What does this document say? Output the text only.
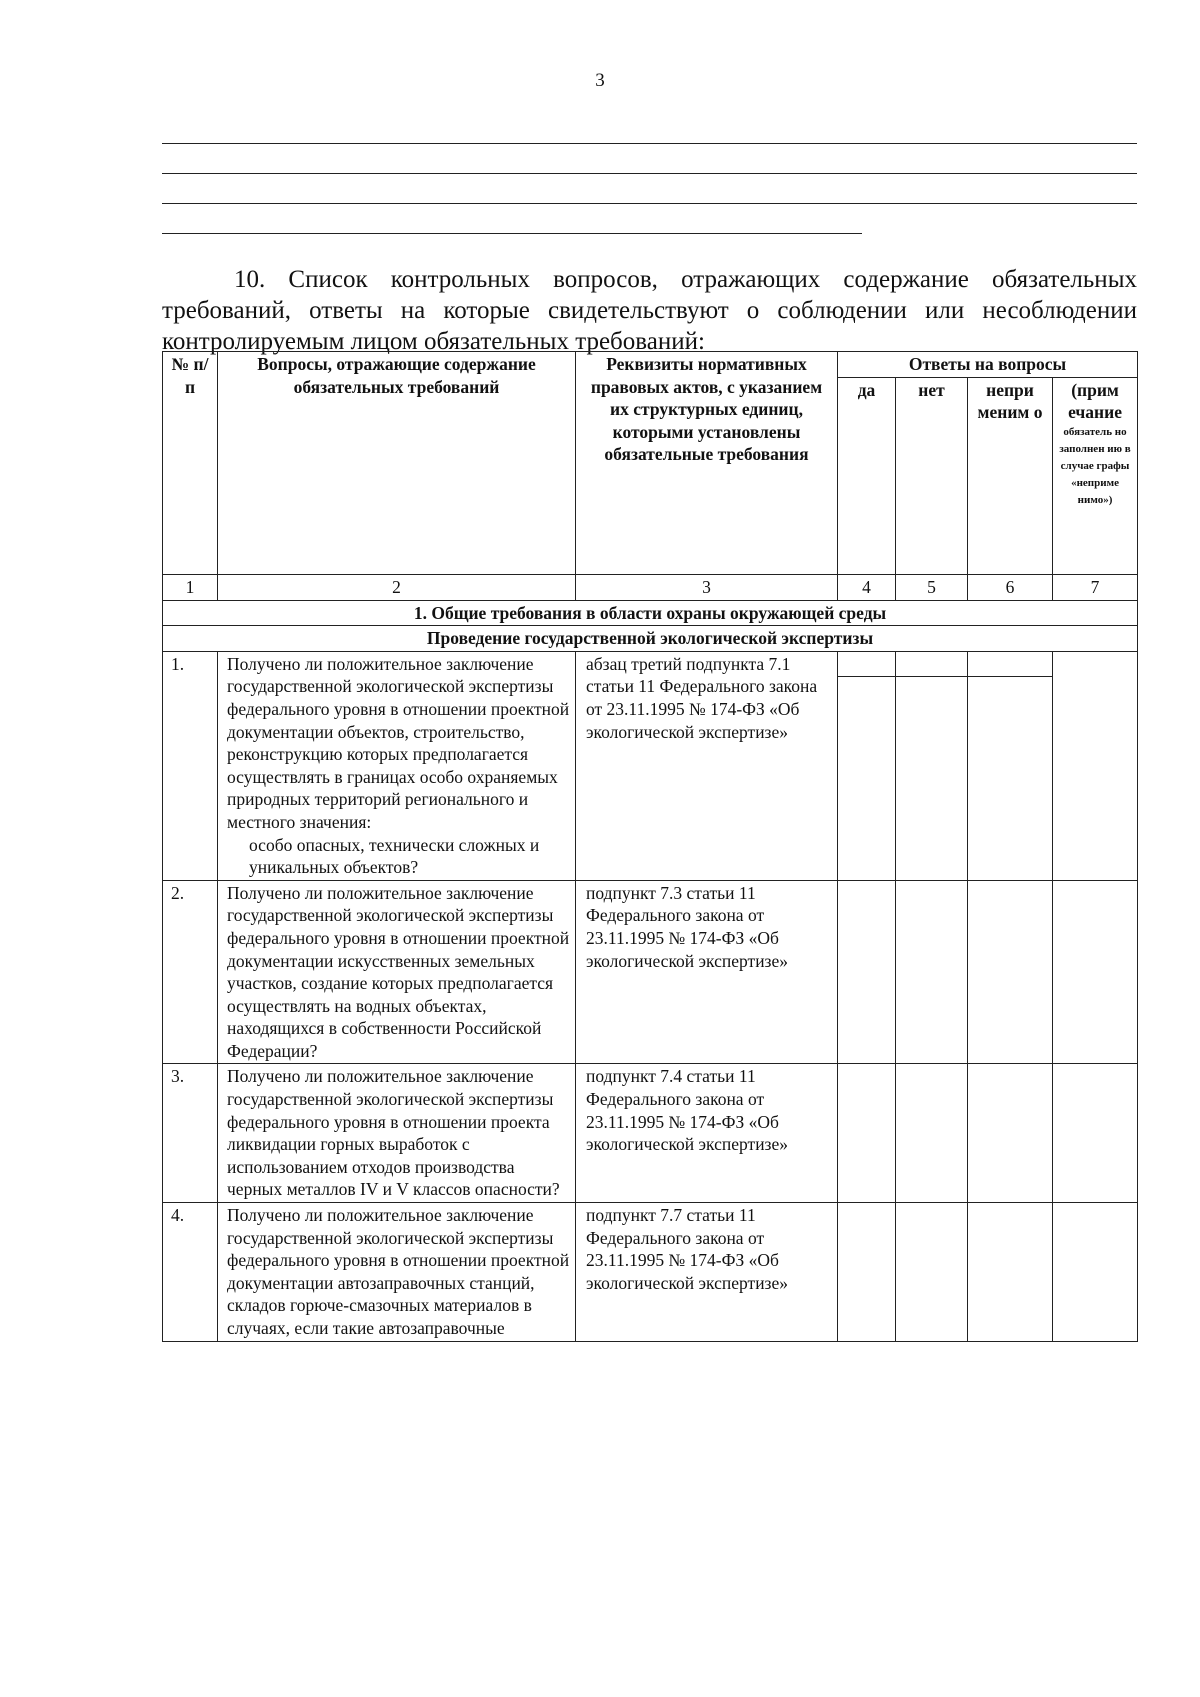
3
10. Список контрольных вопросов, отражающих содержание обязательных требований, ответы на которые свидетельствуют о соблюдении или несоблюдении контролируемым лицом обязательных требований:
№ п/п	Вопросы, отражающие содержание обязательных требований	Реквизиты нормативных правовых актов, с указанием их структурных единиц, которыми установлены обязательные требования	Ответы на вопросы			
			да	нет	непри меним о	(прим ечание
обязатель но заполнен ию в случае графы «неприме нимо»)

1	2	3	4	5	6	7
1. Общие требования в области охраны окружающей среды						
Проведение государственной экологической экспертизы						
1.	Получено ли положительное заключение государственной экологической экспертизы федерального уровня в отношении проектной документации объектов, строительство, реконструкцию которых предполагается осуществлять в границах особо охраняемых природных территорий регионального и местного значения:
особо опасных, технически сложных и уникальных объектов?	абзац третий подпункта 7.1 статьи 11 Федерального закона от 23.11.1995 № 174-ФЗ «Об экологической экспертизе»	

2.	Получено ли положительное заключение государственной экологической экспертизы федерального уровня в отношении проектной документации искусственных земельных участков, создание которых предполагается осуществлять на водных объектах, находящихся в собственности Российской Федерации?	подпункт 7.3 статьи 11 Федерального закона от 23.11.1995 № 174-ФЗ «Об экологической экспертизе»				
3.	Получено ли положительное заключение государственной экологической экспертизы федерального уровня в отношении проекта ликвидации горных выработок с использованием отходов производства черных металлов IV и V классов опасности?	подпункт 7.4 статьи 11 Федерального закона от 23.11.1995 № 174-ФЗ «Об экологической экспертизе»				
4.	Получено ли положительное заключение государственной экологической экспертизы федерального уровня в отношении проектной документации автозаправочных станций, складов горюче-смазочных материалов в случаях, если такие автозаправочные	подпункт 7.7 статьи 11 Федерального закона от 23.11.1995 № 174-ФЗ «Об экологической экспертизе»				
